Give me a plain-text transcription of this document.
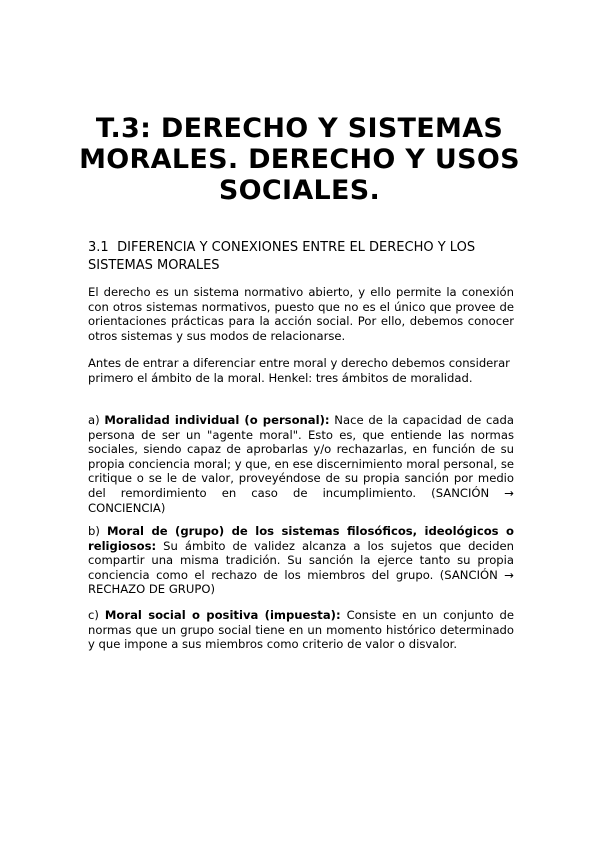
T.3: DERECHO Y SISTEMAS MORALES. DERECHO Y USOS SOCIALES.
3.1 DIFERENCIA Y CONEXIONES ENTRE EL DERECHO Y LOS SISTEMAS MORALES
El derecho es un sistema normativo abierto, y ello permite la conexión con otros sistemas normativos, puesto que no es el único que provee de orientaciones prácticas para la acción social. Por ello, debemos conocer otros sistemas y sus modos de relacionarse.
Antes de entrar a diferenciar entre moral y derecho debemos considerar primero el ámbito de la moral. Henkel: tres ámbitos de moralidad.
a) Moralidad individual (o personal): Nace de la capacidad de cada persona de ser un "agente moral". Esto es, que entiende las normas sociales, siendo capaz de aprobarlas y/o rechazarlas, en función de su propia conciencia moral; y que, en ese discernimiento moral personal, se critique o se le de valor, proveyéndose de su propia sanción por medio del remordimiento en caso de incumplimiento. (SANCIÓN → CONCIENCIA)
b) Moral de (grupo) de los sistemas filosóficos, ideológicos o religiosos: Su ámbito de validez alcanza a los sujetos que deciden compartir una misma tradición. Su sanción la ejerce tanto su propia conciencia como el rechazo de los miembros del grupo. (SANCIÓN → RECHAZO DE GRUPO)
c) Moral social o positiva (impuesta): Consiste en un conjunto de normas que un grupo social tiene en un momento histórico determinado y que impone a sus miembros como criterio de valor o disvalor.
